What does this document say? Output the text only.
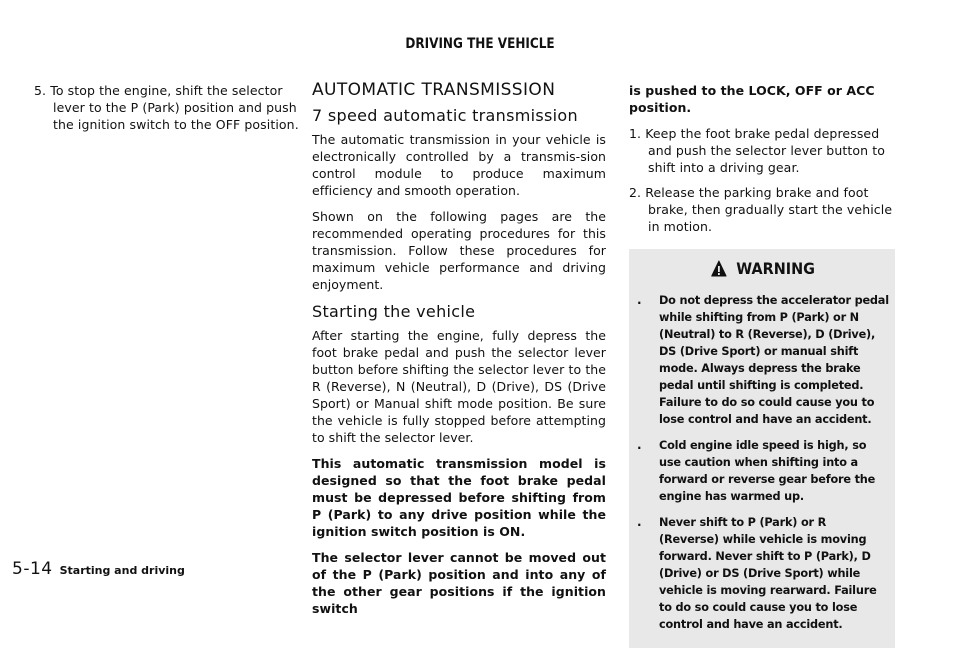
DRIVING THE VEHICLE

5. To stop the engine, shift the selector lever to the P (Park) position and push the ignition switch to the OFF position.

AUTOMATIC TRANSMISSION
7 speed automatic transmission

The automatic transmission in your vehicle is electronically controlled by a transmis-sion control module to produce maximum efficiency and smooth operation.

Shown on the following pages are the recommended operating procedures for this transmission. Follow these procedures for maximum vehicle performance and driving enjoyment.

Starting the vehicle

After starting the engine, fully depress the foot brake pedal and push the selector lever button before shifting the selector lever to the R (Reverse), N (Neutral), D (Drive), DS (Drive Sport) or Manual shift mode position. Be sure the vehicle is fully stopped before attempting to shift the selector lever.

This automatic transmission model is designed so that the foot brake pedal must be depressed before shifting from P (Park) to any drive position while the ignition switch position is ON.

The selector lever cannot be moved out of the P (Park) position and into any of the other gear positions if the ignition switch

is pushed to the LOCK, OFF or ACC position.

1. Keep the foot brake pedal depressed and push the selector lever button to shift into a driving gear.

2. Release the parking brake and foot brake, then gradually start the vehicle in motion.

WARNING
.	Do not depress the accelerator pedal while shifting from P (Park) or N (Neutral) to R (Reverse), D (Drive), DS (Drive Sport) or manual shift mode. Always depress the brake pedal until shifting is completed. Failure to do so could cause you to lose control and have an accident.
.	Cold engine idle speed is high, so use caution when shifting into a forward or reverse gear before the engine has warmed up.
.	Never shift to P (Park) or R (Reverse) while vehicle is moving forward. Never shift to P (Park), D (Drive) or DS (Drive Sport) while vehicle is moving rearward. Failure to do so could cause you to lose control and have an accident.
5-14 Starting and driving
